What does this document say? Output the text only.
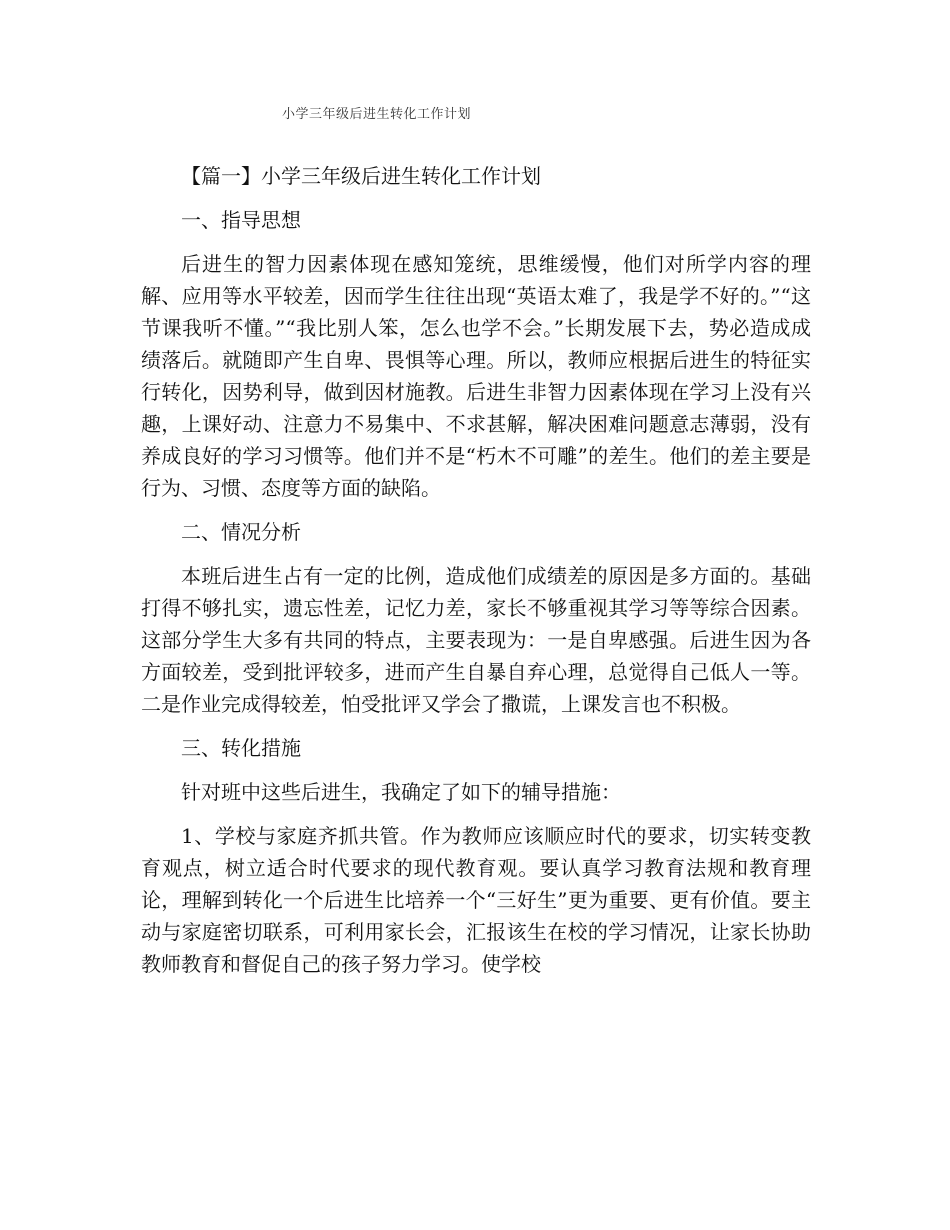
小学三年级后进生转化工作计划

【篇一】小学三年级后进生转化工作计划

一、指导思想

后进生的智力因素体现在感知笼统，思维缓慢，他们对所学内容的理解、应用等水平较差，因而学生往往出现“英语太难了，我是学不好的。”“这节课我听不懂。”“我比别人笨，怎么也学不会。”长期发展下去，势必造成成绩落后。就随即产生自卑、畏惧等心理。所以，教师应根据后进生的特征实行转化，因势利导，做到因材施教。后进生非智力因素体现在学习上没有兴趣，上课好动、注意力不易集中、不求甚解，解决困难问题意志薄弱，没有养成良好的学习习惯等。他们并不是“朽木不可雕”的差生。他们的差主要是行为、习惯、态度等方面的缺陷。

二、情况分析

本班后进生占有一定的比例，造成他们成绩差的原因是多方面的。基础打得不够扎实，遗忘性差，记忆力差，家长不够重视其学习等等综合因素。这部分学生大多有共同的特点，主要表现为：一是自卑感强。后进生因为各方面较差，受到批评较多，进而产生自暴自弃心理，总觉得自己低人一等。二是作业完成得较差，怕受批评又学会了撒谎，上课发言也不积极。

三、转化措施

针对班中这些后进生，我确定了如下的辅导措施：

1、学校与家庭齐抓共管。作为教师应该顺应时代的要求，切实转变教育观点，树立适合时代要求的现代教育观。要认真学习教育法规和教育理论，理解到转化一个后进生比培养一个“三好生”更为重要、更有价值。要主动与家庭密切联系，可利用家长会，汇报该生在校的学习情况，让家长协助教师教育和督促自己的孩子努力学习。使学校
